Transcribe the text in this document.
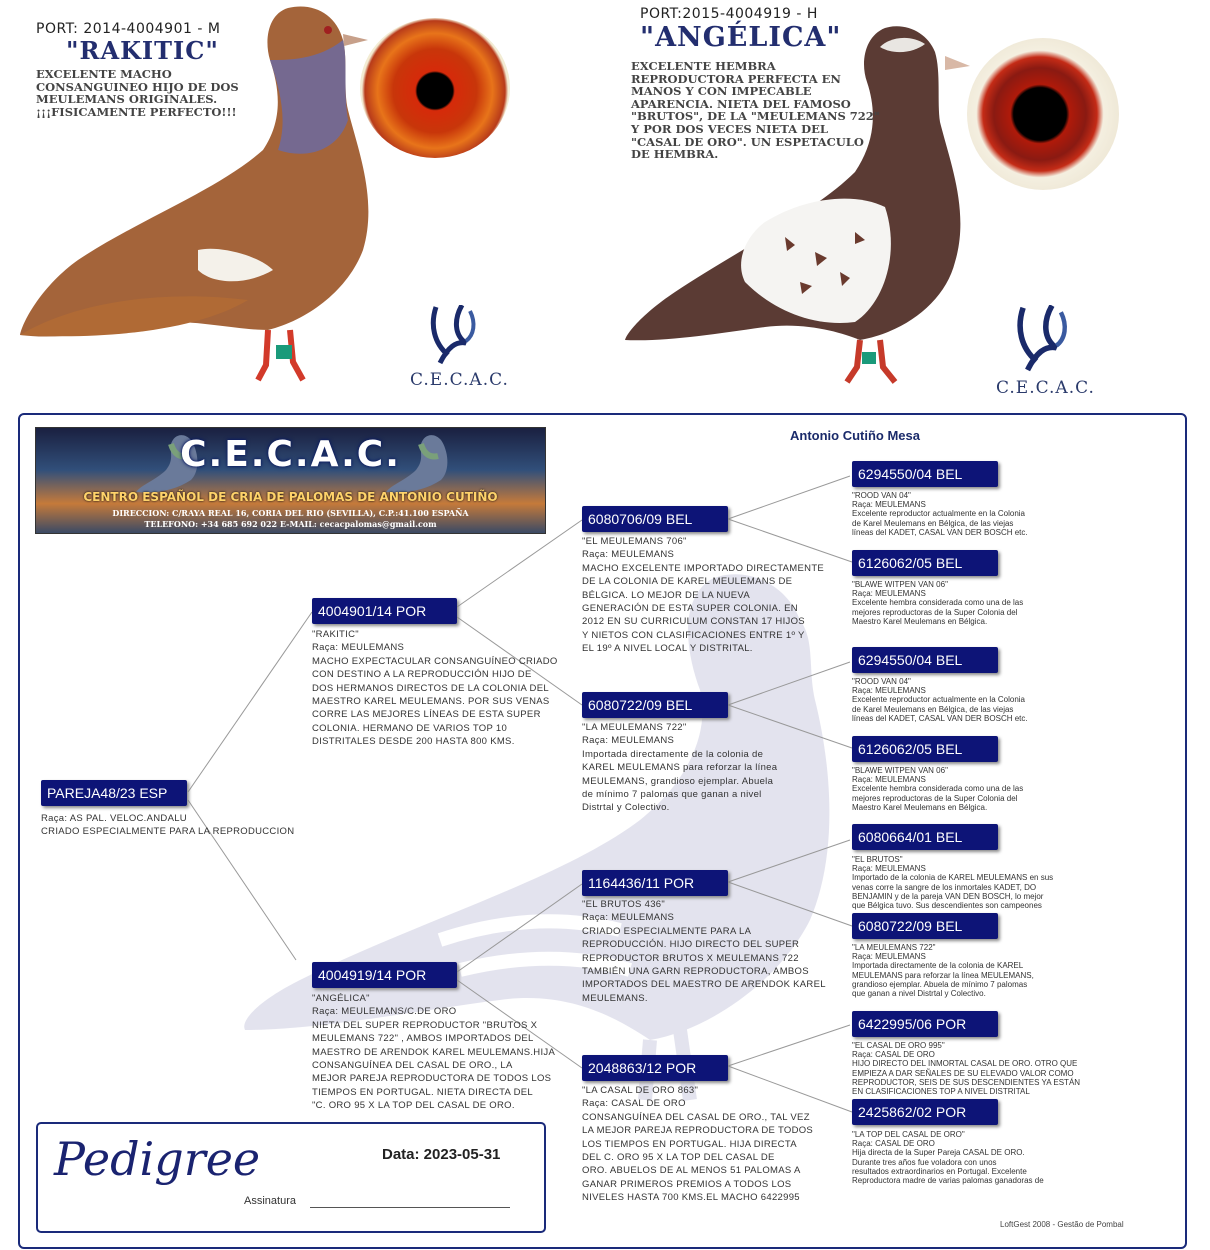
PORT: 2014-4004901 - M
"RAKITIC"
EXCELENTE MACHO
CONSANGUINEO HIJO DE DOS
MEULEMANS ORIGINALES.
¡¡¡FISICAMENTE PERFECTO!!!
C.E.C.A.C.
PORT:2015-4004919 - H
"ANGÉLICA"
EXCELENTE HEMBRA
REPRODUCTORA PERFECTA EN
MANOS Y CON IMPECABLE
APARENCIA. NIETA DEL FAMOSO
"BRUTOS", DE LA "MEULEMANS 722"
Y POR DOS VECES NIETA DEL
"CASAL DE ORO". UN ESPETACULO
DE HEMBRA.
C.E.C.A.C.
C.E.C.A.C.
CENTRO ESPAÑOL DE CRIA DE PALOMAS DE ANTONIO CUTIÑO
DIRECCION: C/RAYA REAL 16, CORIA DEL RIO (SEVILLA), C.P.:41.100 ESPAÑA
TELEFONO: +34 685 692 022 E-MAIL: cecacpalomas@gmail.com
Antonio Cutiño Mesa
PAREJA48/23 ESP

Raça: AS PAL. VELOC.ANDALU

CRIADO ESPECIALMENTE PARA LA REPRODUCCION

4004901/14 POR

"RAKITIC"

Raça: MEULEMANS

MACHO EXPECTACULAR CONSANGUÍNEO CRIADO

CON DESTINO A LA REPRODUCCIÓN HIJO DE

DOS HERMANOS DIRECTOS DE LA COLONIA DEL

MAESTRO KAREL MEULEMANS. POR SUS VENAS

CORRE LAS MEJORES LÍNEAS DE ESTA SUPER

COLONIA. HERMANO DE VARIOS TOP 10

DISTRITALES DESDE 200 HASTA 800 KMS.

4004919/14 POR

"ANGÉLICA"

Raça: MEULEMANS/C.DE ORO

NIETA DEL SUPER REPRODUCTOR "BRUTOS X

MEULEMANS 722" , AMBOS IMPORTADOS DEL

MAESTRO DE ARENDOK KAREL MEULEMANS.HIJA

CONSANGUÍNEA DEL CASAL DE ORO., LA

MEJOR PAREJA REPRODUCTORA DE TODOS LOS

TIEMPOS EN PORTUGAL. NIETA DIRECTA DEL

"C. ORO 95 X LA TOP DEL CASAL DE ORO.

6080706/09 BEL

"EL MEULEMANS 706"

Raça: MEULEMANS

MACHO EXCELENTE IMPORTADO DIRECTAMENTE

DE LA COLONIA DE KAREL MEULEMANS DE

BÉLGICA. LO MEJOR DE LA NUEVA

GENERACIÓN DE ESTA SUPER COLONIA. EN

2012 EN SU CURRICULUM CONSTAN 17 HIJOS

Y NIETOS CON CLASIFICACIONES ENTRE 1º Y

EL 19º A NIVEL LOCAL Y DISTRITAL.

6080722/09 BEL

"LA MEULEMANS 722"

Raça: MEULEMANS

Importada directamente de la colonia de

KAREL MEULEMANS para reforzar la línea

MEULEMANS, grandioso ejemplar. Abuela

de mínimo 7 palomas que ganan a nivel

Distrtal y Colectivo.

1164436/11 POR

"EL BRUTOS 436"

Raça: MEULEMANS

CRIADO ESPECIALMENTE PARA LA

REPRODUCCIÓN. HIJO DIRECTO DEL SUPER

REPRODUCTOR BRUTOS X MEULEMANS 722

TAMBIÉN UNA GARN REPRODUCTORA, AMBOS

IMPORTADOS DEL MAESTRO DE ARENDOK KAREL

MEULEMANS.

2048863/12 POR

"LA CASAL DE ORO 863"

Raça: CASAL DE ORO

CONSANGUÍNEA DEL CASAL DE ORO., TAL VEZ

LA MEJOR PAREJA REPRODUCTORA DE TODOS

LOS TIEMPOS EN PORTUGAL. HIJA DIRECTA

DEL C. ORO 95 X LA TOP DEL CASAL DE

ORO. ABUELOS DE AL MENOS 51 PALOMAS A

GANAR PRIMEROS PREMIOS A TODOS LOS

NIVELES HASTA 700 KMS.EL MACHO 6422995

6294550/04 BEL

"ROOD VAN 04"

Raça: MEULEMANS

Excelente reproductor actualmente en la Colonia

de Karel Meulemans en Bélgica, de las viejas

líneas del KADET, CASAL VAN DER BOSCH etc.

6126062/05 BEL

"BLAWE WITPEN VAN 06"

Raça: MEULEMANS

Excelente hembra considerada como una de las

mejores reproductoras de la Super Colonia del

Maestro Karel Meulemans en Bélgica.

6294550/04 BEL

"ROOD VAN 04"

Raça: MEULEMANS

Excelente reproductor actualmente en la Colonia

de Karel Meulemans en Bélgica, de las viejas

líneas del KADET, CASAL VAN DER BOSCH etc.

6126062/05 BEL

"BLAWE WITPEN VAN 06"

Raça: MEULEMANS

Excelente hembra considerada como una de las

mejores reproductoras de la Super Colonia del

Maestro Karel Meulemans en Bélgica.

6080664/01 BEL

"EL BRUTOS"

Raça: MEULEMANS

Importado de la colonia de KAREL MEULEMANS en sus

venas corre la sangre de los inmortales KADET, DO

BENJAMIN y de la pareja VAN DEN BOSCH, lo mejor

que Bélgica tuvo. Sus descendientes son campeones

6080722/09 BEL

"LA MEULEMANS 722"

Raça: MEULEMANS

Importada directamente de la colonia de KAREL

MEULEMANS para reforzar la línea MEULEMANS,

grandioso ejemplar. Abuela de mínimo 7 palomas

que ganan a nivel Distrtal y Colectivo.

6422995/06 POR

"EL CASAL DE ORO 995"

Raça: CASAL DE ORO

HIJO DIRECTO DEL INMORTAL CASAL DE ORO. OTRO QUE

EMPIEZA A DAR SEÑALES DE SU ELEVADO VALOR COMO

REPRODUCTOR, SEIS DE SUS DESCENDIENTES YA ESTÁN

EN CLASIFICACIONES TOP A NIVEL DISTRITAL

2425862/02 POR

"LA TOP DEL CASAL DE ORO"

Raça: CASAL DE ORO

Hija directa de la Super Pareja CASAL DE ORO.

Durante tres años fue voladora con unos

resultados extraordinarios en Portugal. Excelente

Reproductora madre de varias palomas ganadoras de

Pedigree	Data: 2023-05-31
Assinatura
LoftGest 2008 - Gestão de Pombal
